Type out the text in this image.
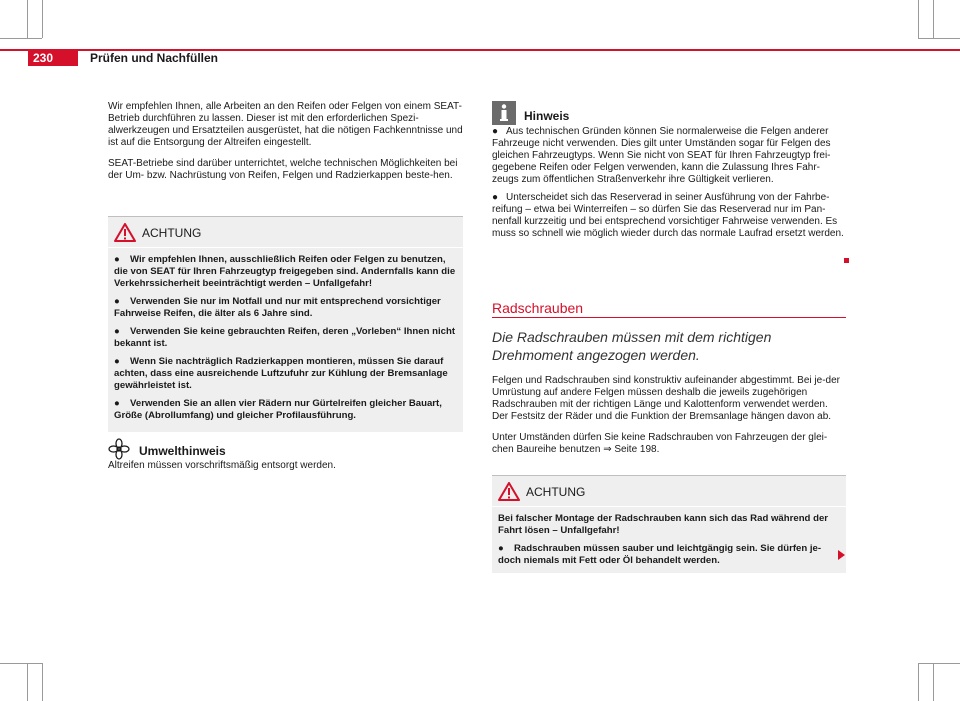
230	Prüfen und Nachfüllen

Wir empfehlen Ihnen, alle Arbeiten an den Reifen oder Felgen von einem SEAT-Betrieb durchführen zu lassen. Dieser ist mit den erforderlichen Spezi-alwerkzeugen und Ersatzteilen ausgerüstet, hat die nötigen Fachkenntnisse und ist auf die Entsorgung der Altreifen eingestellt.

SEAT-Betriebe sind darüber unterrichtet, welche technischen Möglichkeiten bei der Um- bzw. Nachrüstung von Reifen, Felgen und Radzierkappen beste-hen.

ACHTUNG

● Wir empfehlen Ihnen, ausschließlich Reifen oder Felgen zu benutzen, die von SEAT für Ihren Fahrzeugtyp freigegeben sind. Andernfalls kann die Verkehrssicherheit beeinträchtigt werden – Unfallgefahr!

● Verwenden Sie nur im Notfall und nur mit entsprechend vorsichtiger Fahrweise Reifen, die älter als 6 Jahre sind.

● Verwenden Sie keine gebrauchten Reifen, deren „Vorleben“ Ihnen nicht bekannt ist.

● Wenn Sie nachträglich Radzierkappen montieren, müssen Sie darauf achten, dass eine ausreichende Luftzufuhr zur Kühlung der Bremsanlage gewährleistet ist.

● Verwenden Sie an allen vier Rädern nur Gürtelreifen gleicher Bauart, Größe (Abrollumfang) und gleicher Profilausführung.

Umwelthinweis
Altreifen müssen vorschriftsmäßig entsorgt werden.
Hinweis

● Aus technischen Gründen können Sie normalerweise die Felgen anderer Fahrzeuge nicht verwenden. Dies gilt unter Umständen sogar für Felgen des gleichen Fahrzeugtyps. Wenn Sie nicht von SEAT für Ihren Fahrzeugtyp frei-gegebene Reifen oder Felgen verwenden, kann die Zulassung Ihres Fahr-zeugs zum öffentlichen Straßenverkehr ihre Gültigkeit verlieren.

● Unterscheidet sich das Reserverad in seiner Ausführung von der Fahrbe-reifung – etwa bei Winterreifen – so dürfen Sie das Reserverad nur im Pan-nenfall kurzzeitig und bei entsprechend vorsichtiger Fahrweise verwenden. Es muss so schnell wie möglich wieder durch das normale Laufrad ersetzt werden.

Radschrauben
Die Radschrauben müssen mit dem richtigen Drehmoment angezogen werden.

Felgen und Radschrauben sind konstruktiv aufeinander abgestimmt. Bei je-der Umrüstung auf andere Felgen müssen deshalb die jeweils zugehörigen Radschrauben mit der richtigen Länge und Kalottenform verwendet werden. Der Festsitz der Räder und die Funktion der Bremsanlage hängen davon ab.

Unter Umständen dürfen Sie keine Radschrauben von Fahrzeugen der glei-chen Baureihe benutzen ⇒ Seite 198.

ACHTUNG

Bei falscher Montage der Radschrauben kann sich das Rad während der Fahrt lösen – Unfallgefahr!

● Radschrauben müssen sauber und leichtgängig sein. Sie dürfen je-doch niemals mit Fett oder Öl behandelt werden.
